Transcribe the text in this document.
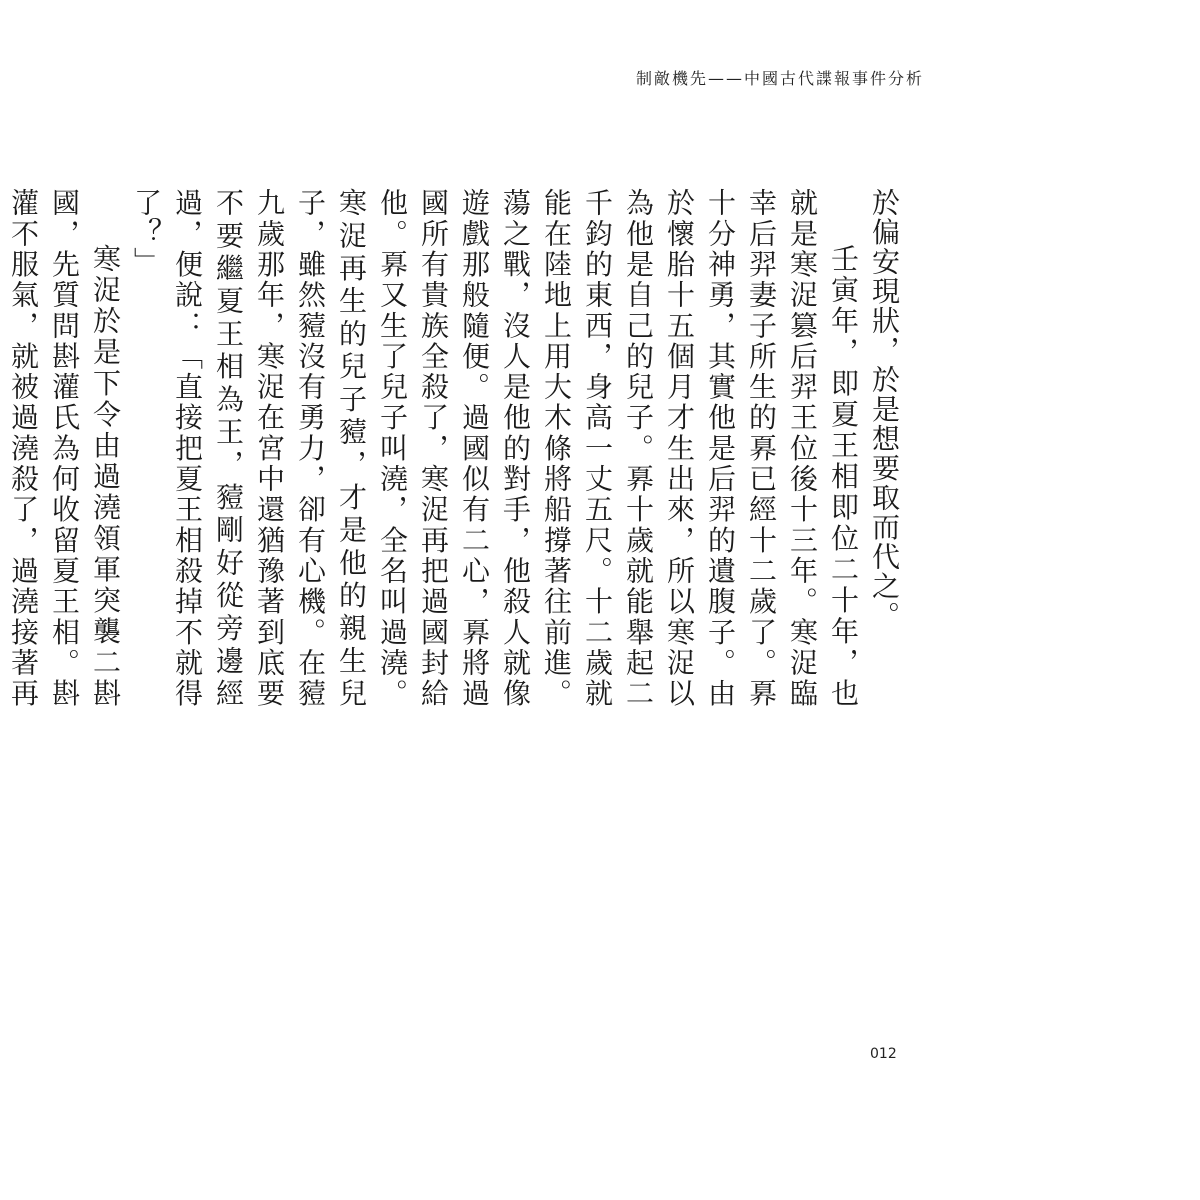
制敵機先——中國古代諜報事件分析

於偏安現狀，於是想要取而代之。

壬寅年，即夏王相即位二十年，也就是寒浞篡后羿王位後十三年。寒浞臨幸后羿妻子所生的奡已經十二歲了。奡十分神勇，其實他是后羿的遺腹子。由於懷胎十五個月才生出來，所以寒浞以為他是自己的兒子。奡十歲就能舉起二千鈞的東西，身高一丈五尺。十二歲就能在陸地上用大木條將船撐著往前進。蕩之戰，沒人是他的對手，他殺人就像遊戲那般隨便。過國似有二心，奡將過國所有貴族全殺了，寒浞再把過國封給他。奡又生了兒子叫澆，全名叫過澆。寒浞再生的兒子豷，才是他的親生兒子，雖然豷沒有勇力，卻有心機。在豷九歲那年，寒浞在宮中還猶豫著到底要不要繼夏王相為王，豷剛好從旁邊經過，便說：「直接把夏王相殺掉不就得了？」

寒浞於是下令由過澆領軍突襲二斟國，先質問斟灌氏為何收留夏王相。斟灌不服氣，就被過澆殺了，過澆接著再

012
